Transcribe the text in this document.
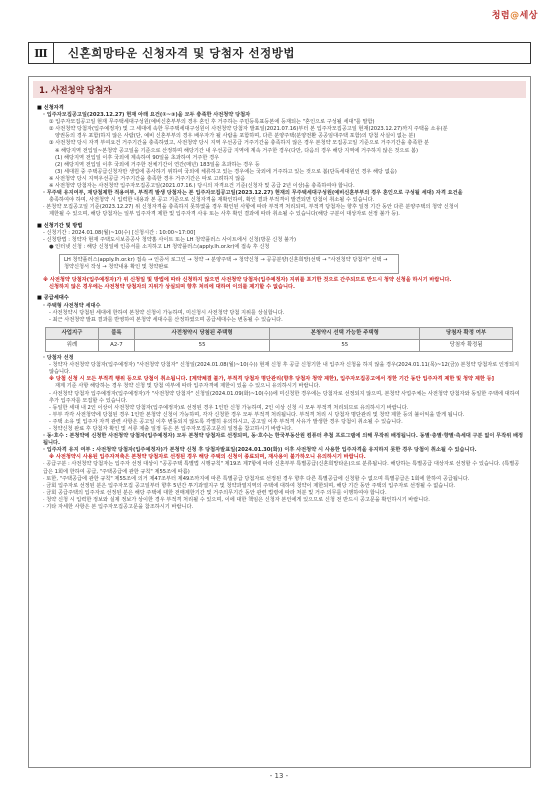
청렴@세상
Ⅲ	신혼희망타운 신청자격 및 당첨자 선정방법
1. 사전청약 당첨자
■ 신청자격
· 입주자모집공고일(2023.12.27) 현재 아래 요건(①~③)을 모두 충족한 사전청약 당첨자
① 입주자모집공고일 현재 무주택세대구성원(예비신혼부부의 경우 혼인 후 거주하는 주민등록표등본에 등재되는 "혼인으로 구성될 세대"를 말함)
② 사전청약 당첨자(입주예정자) 및 그 세대에 속한 무주택세대구성원이 사전청약 당첨자 발표일(2021.07.16)부터 본 입주자모집공고일 현재(2023.12.27)까지 주택을 소유(분
양권등의 경우 포함)하지 않은 사람(단, 예비 신혼부부의 경우 배우자가 될 사람을 포함하며, 다른 분양주택(분양전환 공공임대주택 포함)의 당첨 사실이 없는 분)
③ 사전청약 당시 자격 부여요건 거주기간을 충족하였고, 사전청약 당시 지역 우선공급 거주기간을 충족하지 않은 경우 본청약 모집공고일 기준으로 거주기간을 충족한 분
※ 해당지역 전입일~본청약 공고일을 기준으로 산정하며 해당기간 내 우선공급 지역에 계속 거주한 경우(다만, 다음의 경우 해당 지역에 거주하지 않은 것으로 봄)
(1) 해당지역 전입일 이후 국외에 계속하여 90일을 초과하여 거주한 경우
(2) 해당지역 전입일 이후 국외에 거주한 전체기간이 연간(매년) 183일을 초과하는 경우 등
(3) 세대원 중 주택공급신청자만 생업에 종사하기 위하여 국외에 체류하고 있는 경우에는 국외에 거주하고 있는 것으로 봄(단독세대원인 경우 해당 없음)
※ 사전청약 당시 지역우선공급 거주기간을 충족한 경우 거주기간은 따로 고려하지 않음
※ 사전청약 당첨자는 사전청약 입주자모집공고일(2021.07.16.) 당시의 자격요건 기준(신청자 및 공급 2년 이상)을 충족하여야 합니다.
· 무주택 유지여부, 재당첨제한 적용여부, 부적격 발생 당첨자는 본 입주자모집공고일(2023.12.27) 현재의 무주택세대구성원(예비신혼부부의 경우 혼인으로 구성될 세대) 자격 요건을
충족하여야 하며, 사전청약 시 입력한 내용과 본 공고 기준으로 신청자격을 재확인하여, 확인 결과 부적격이 발견되면 당첨이 취소될 수 있습니다.
· 본청약 모집공고일 기준(2023.12.27) 위 신청자격을 충족하지 못하였을 경우 확인된 사항에 따라 부적격 처리되며, 부적격 당첨자는 향후 일정 기간 동안 다른 분양주택의 청약 신청이
제한될 수 있으며, 해당 당첨자는 일부 입주자격 제한 및 입주자격 사유 또는 사후 확인 결과에 따라 취소될 수 있습니다(해당 구분이 대상자로 선정 불가 등).
■ 신청기간 및 방법
- 신청기간 : 2024.01.08(월)~10(수) [신청시간 : 10:00~17:00]
- 신청방법 : 청약자 현재 주택도시보증공사 청약홈 사이트 또는 LH 청약플러스 사이트에서 신청(방문 신청 불가)
● 인터넷 신청 : 해당 신청일에 인증서를 소지하고 LH 청약플러스(apply.lh.or.kr)에 접속 후 신청
LH 청약플러스(apply.lh.or.kr) 접속 → 인증서 로그인 → 청약 → 분양주택 → 청약신청 → 공공분양(신혼희망)선택 → "사전청약 당첨자" 선택 → 청약신청서 작성 → 청약내용 확인 및 청약완료
※ 사전청약 당첨자(입주예정자)가 위 신청일 및 방법에 따라 신청하지 않으면 사전청약 당첨자(입주예정자) 지위를 포기한 것으로 간주되므로 반드시 청약 신청을 하시기 바랍니다.
신청하지 않은 경우에는 사전청약 당첨자의 지위가 상실되며 향후 처리에 대하여 이의를 제기할 수 없습니다.
■ 공급세대수
· 주택형 사전청약 세대수
- 사전청약시 당첨된 세대에 한하여 본청약 신청이 가능하며, 미신청시 사전청약 당첨 지위를 상실합니다.
- 최근 사전청약 발표 결과를 반영하여 본청약 세대수를 산정하였으며 공급세대수는 변동될 수 있습니다.
사업지구	블록	사전청약시 당첨된 주택형	본청약시 선택 가능한 주택형	당첨자 확정 여부
위례	A2-7	55	55	당첨자 확정됨
· 당첨자 선정
- 청약자 사전청약 당첨자(입주예정자) "사전청약 당첨자" 신청일(2024.01.08(월)~10(수)) 현재 신청 후 공급 신청기한 내 입주자 신청을 하지 않을 경우(2024.01.11(목)~12(금)) 본청약 당첨자로 인정되지 않습니다.
※ 당첨 신청 시 모든 부적격 행위 등으로 당첨이 취소됩니다. [계약체결 불가, 부적격 당첨자 명단관리(향후 당첨자 청약 제한), 입주자모집공고에서 정한 기간 동안 입주자격 제한 및 청약 제한 등]
재계 기준 사항 해당하는 경우 청약 신청 및 당첨 여부에 따라 입주자격에 제한이 있을 수 있으니 유의하시기 바랍니다.
- 사전청약 당첨자 입주예정자(입주예정자)가 "사전청약 당첨자" 신청일(2024.01.09(화)~10(수))에 미신청한 경우에는 당첨자로 선정되지 않으며, 본청약 사업주체는 사전청약 당첨자와 동일한 주택에 대하여 추가 입주자를 모집할 수 있습니다.
- 동일한 세대 내 2인 이상이 사전청약 당첨자(입주예정자)로 선정된 경우 1인만 신청 가능하며, 2인 이상 신청 시 모두 부적격 처리되므로 유의하시기 바랍니다.
- 부부 각각 사전청약에 당첨된 경우 1인만 본청약 신청이 가능하며, 각자 신청한 경우 모두 부적격 처리됩니다. 부적격 처리 시 당첨자 명단관리 및 청약 제한 등의 불이익을 받게 됩니다.
- 주택 소유 및 입주자 자격 관련 사항은 공고일 이후 변동되지 않도록 각별히 유의하시고, 공고일 이후 부적격 사유가 발생한 경우 당첨이 취소될 수 있습니다.
- 청약신청 완료 후 당첨자 확인 및 서류 제출 일정 등은 본 입주자모집공고문의 일정을 참고하시기 바랍니다.
· 동·호수 : 본청약에 신청한 사전청약 당첨자(입주예정자) 모두 본청약 당첨자로 선정되며, 동·호수는 한국부동산원 컴퓨터 추첨 프로그램에 의해 무작위 배정됩니다. 동별·층별·향별·측세대 구분 없이 무작위 배정됩니다.
· 입주자격 유지 여부 : 사전청약 당첨자(입주예정자)가 본청약 신청 후 당첨자발표일(2024.01.30(화)) 이후 사전청약 시 사용한 입주자격을 유지하지 못한 경우 당첨이 취소될 수 있습니다.
※ 사전청약시 사용된 입주자저축은 본청약 당첨자로 선정된 경우 해당 주택의 신청이 종료되며, 재사용이 불가하오니 유의하시기 바랍니다.
· 공급구분 : 사전청약 당첨자는 입주자 선정 대상이 "공공주택 특별법 시행규칙" 제19조 제7항에 따라 신혼부부 특별공급(신혼희망타운)으로 분류됩니다. 해당하는 특별공급 대상자로 선정할 수 있습니다. (특별공급은 1회에 한하여 공급, "주택공급에 관한 규칙" 제55조에 따름)
· 또한, "주택공급에 관한 규칙" 제55조에 의거 제47조부터 제49조까지에 따른 특별공급 당첨자로 선정된 경우 향후 다른 특별공급에 신청할 수 없으며 특별공급은 1회에 한하여 공급됩니다.
· 금회 입주자로 선정된 분은 입주자모집 공고일부터 향후 5년간 투기과열지구 및 청약과열지역의 주택에 대하여 청약이 제한되며, 해당 기간 동안 주택의 입주자로 선정될 수 없습니다.
· 금회 공급주택의 입주자로 선정된 분은 해당 주택에 대한 전매제한기간 및 거주의무기간 동안 관련 법령에 따라 처분 및 거주 의무를 이행하여야 합니다.
· 청약 신청 시 입력한 정보와 실제 정보가 상이한 경우 부적격 처리될 수 있으며, 이에 대한 책임은 신청자 본인에게 있으므로 신청 전 반드시 공고문을 확인하시기 바랍니다.
· 기타 자세한 사항은 본 입주자모집공고문을 참조하시기 바랍니다.
- 13 -
